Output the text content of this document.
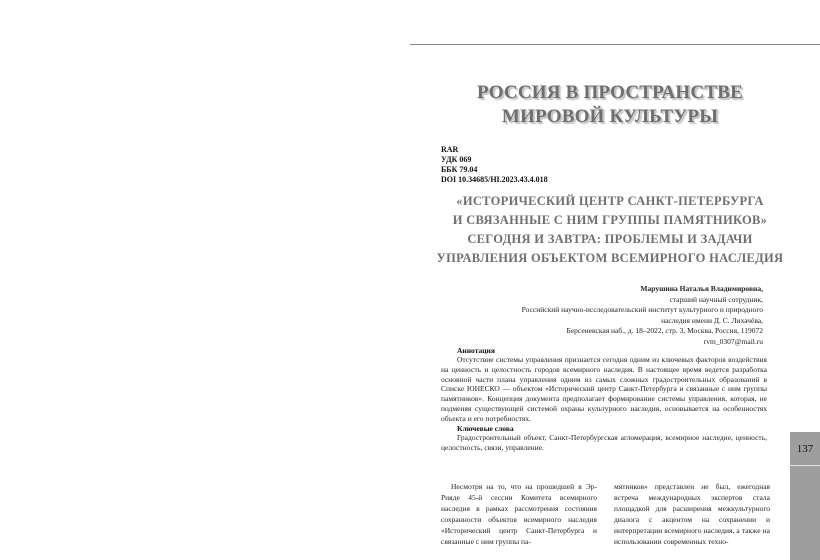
РОССИЯ В ПРОСТРАНСТВЕ
МИРОВОЙ КУЛЬТУРЫ
RAR
УДК 069
ББК 79.04
DOI 10.34685/HI.2023.43.4.018
«ИСТОРИЧЕСКИЙ ЦЕНТР САНКТ-ПЕТЕРБУРГА
И СВЯЗАННЫЕ С НИМ ГРУППЫ ПАМЯТНИКОВ»
СЕГОДНЯ И ЗАВТРА: ПРОБЛЕМЫ И ЗАДАЧИ
УПРАВЛЕНИЯ ОБЪЕКТОМ ВСЕМИРНОГО НАСЛЕДИЯ
Марушина Наталья Владимировна,
старший научный сотрудник,
Российский научно-исследовательский институт культурного и природного
наследия имени Д. С. Лихачёва,
Берсеневская наб., д. 18–2022, стр. 3, Москва, Россия, 119072
rvm_0307@mail.ru
Аннотация

Отсутствие системы управления признается сегодня одним из ключевых факторов воздействия на ценность и целостность городов всемирного наследия. В настоящее время ведется разработка основной части плана управления одним из самых сложных градостроительных образований в Списке ЮНЕСКО — объектом «Исторический центр Санкт-Петербурга и связанные с ним группы памятников». Концепция документа предполагает формирование системы управления, которая, не подменяя существующей системой охраны культурного наследия, основывается на особенностях объекта и его потребностях.

Ключевые слова

Градостроительный объект, Санкт-Петербургская агломерация, всемирное наследие, ценность, целостность, связи, управление.

Несмотря на то, что на прошедшей в Эр-Рияде 45-й сессии Комитета всемирного наследия в рамках рассмотрения состояния сохранности объектов всемирного наследия «Исторический центр Санкт-Петербурга и связанные с ним группы па-

мятников» представлен не был, ежегодная встреча международных экспертов стала площадкой для расширения межкультурного диалога с акцентом на сохранении и интерпретации всемирного наследия, а также на использовании современных техно-

137
